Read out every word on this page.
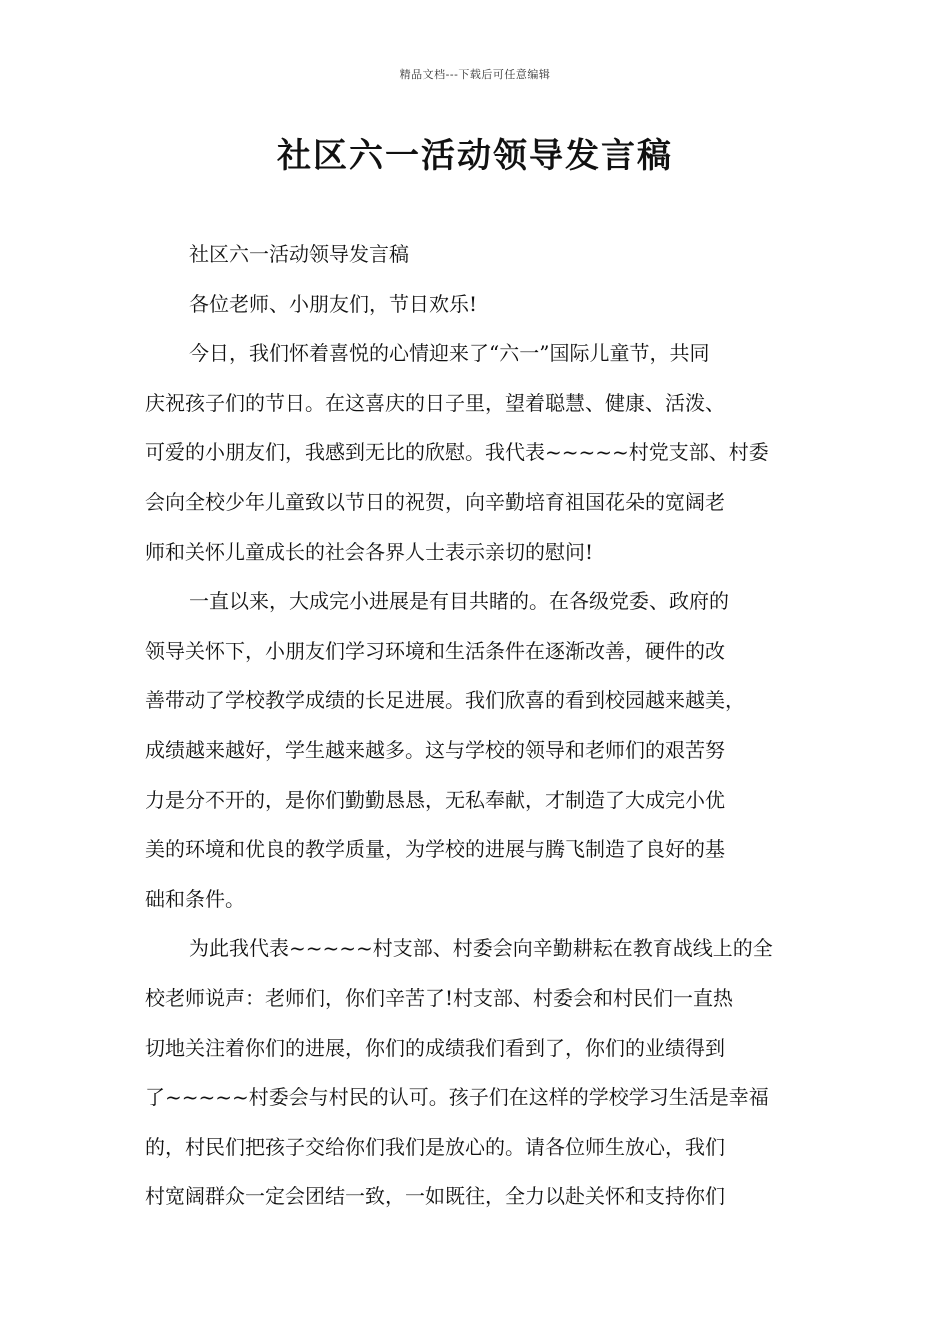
精品文档---下载后可任意编辑
社区六一活动领导发言稿
社区六一活动领导发言稿
各位老师、小朋友们，节日欢乐!
今日，我们怀着喜悦的心情迎来了“六一”国际儿童节，共同
庆祝孩子们的节日。在这喜庆的日子里，望着聪慧、健康、活泼、
可爱的小朋友们，我感到无比的欣慰。我代表~~~~~村党支部、村委
会向全校少年儿童致以节日的祝贺，向辛勤培育祖国花朵的宽阔老
师和关怀儿童成长的社会各界人士表示亲切的慰问!
一直以来，大成完小进展是有目共睹的。在各级党委、政府的
领导关怀下，小朋友们学习环境和生活条件在逐渐改善，硬件的改
善带动了学校教学成绩的长足进展。我们欣喜的看到校园越来越美，
成绩越来越好，学生越来越多。这与学校的领导和老师们的艰苦努
力是分不开的，是你们勤勤恳恳，无私奉献，才制造了大成完小优
美的环境和优良的教学质量，为学校的进展与腾飞制造了良好的基
础和条件。
为此我代表~~~~~村支部、村委会向辛勤耕耘在教育战线上的全
校老师说声：老师们，你们辛苦了!村支部、村委会和村民们一直热
切地关注着你们的进展，你们的成绩我们看到了，你们的业绩得到
了~~~~~村委会与村民的认可。孩子们在这样的学校学习生活是幸福
的，村民们把孩子交给你们我们是放心的。请各位师生放心，我们
村宽阔群众一定会团结一致，一如既往，全力以赴关怀和支持你们
